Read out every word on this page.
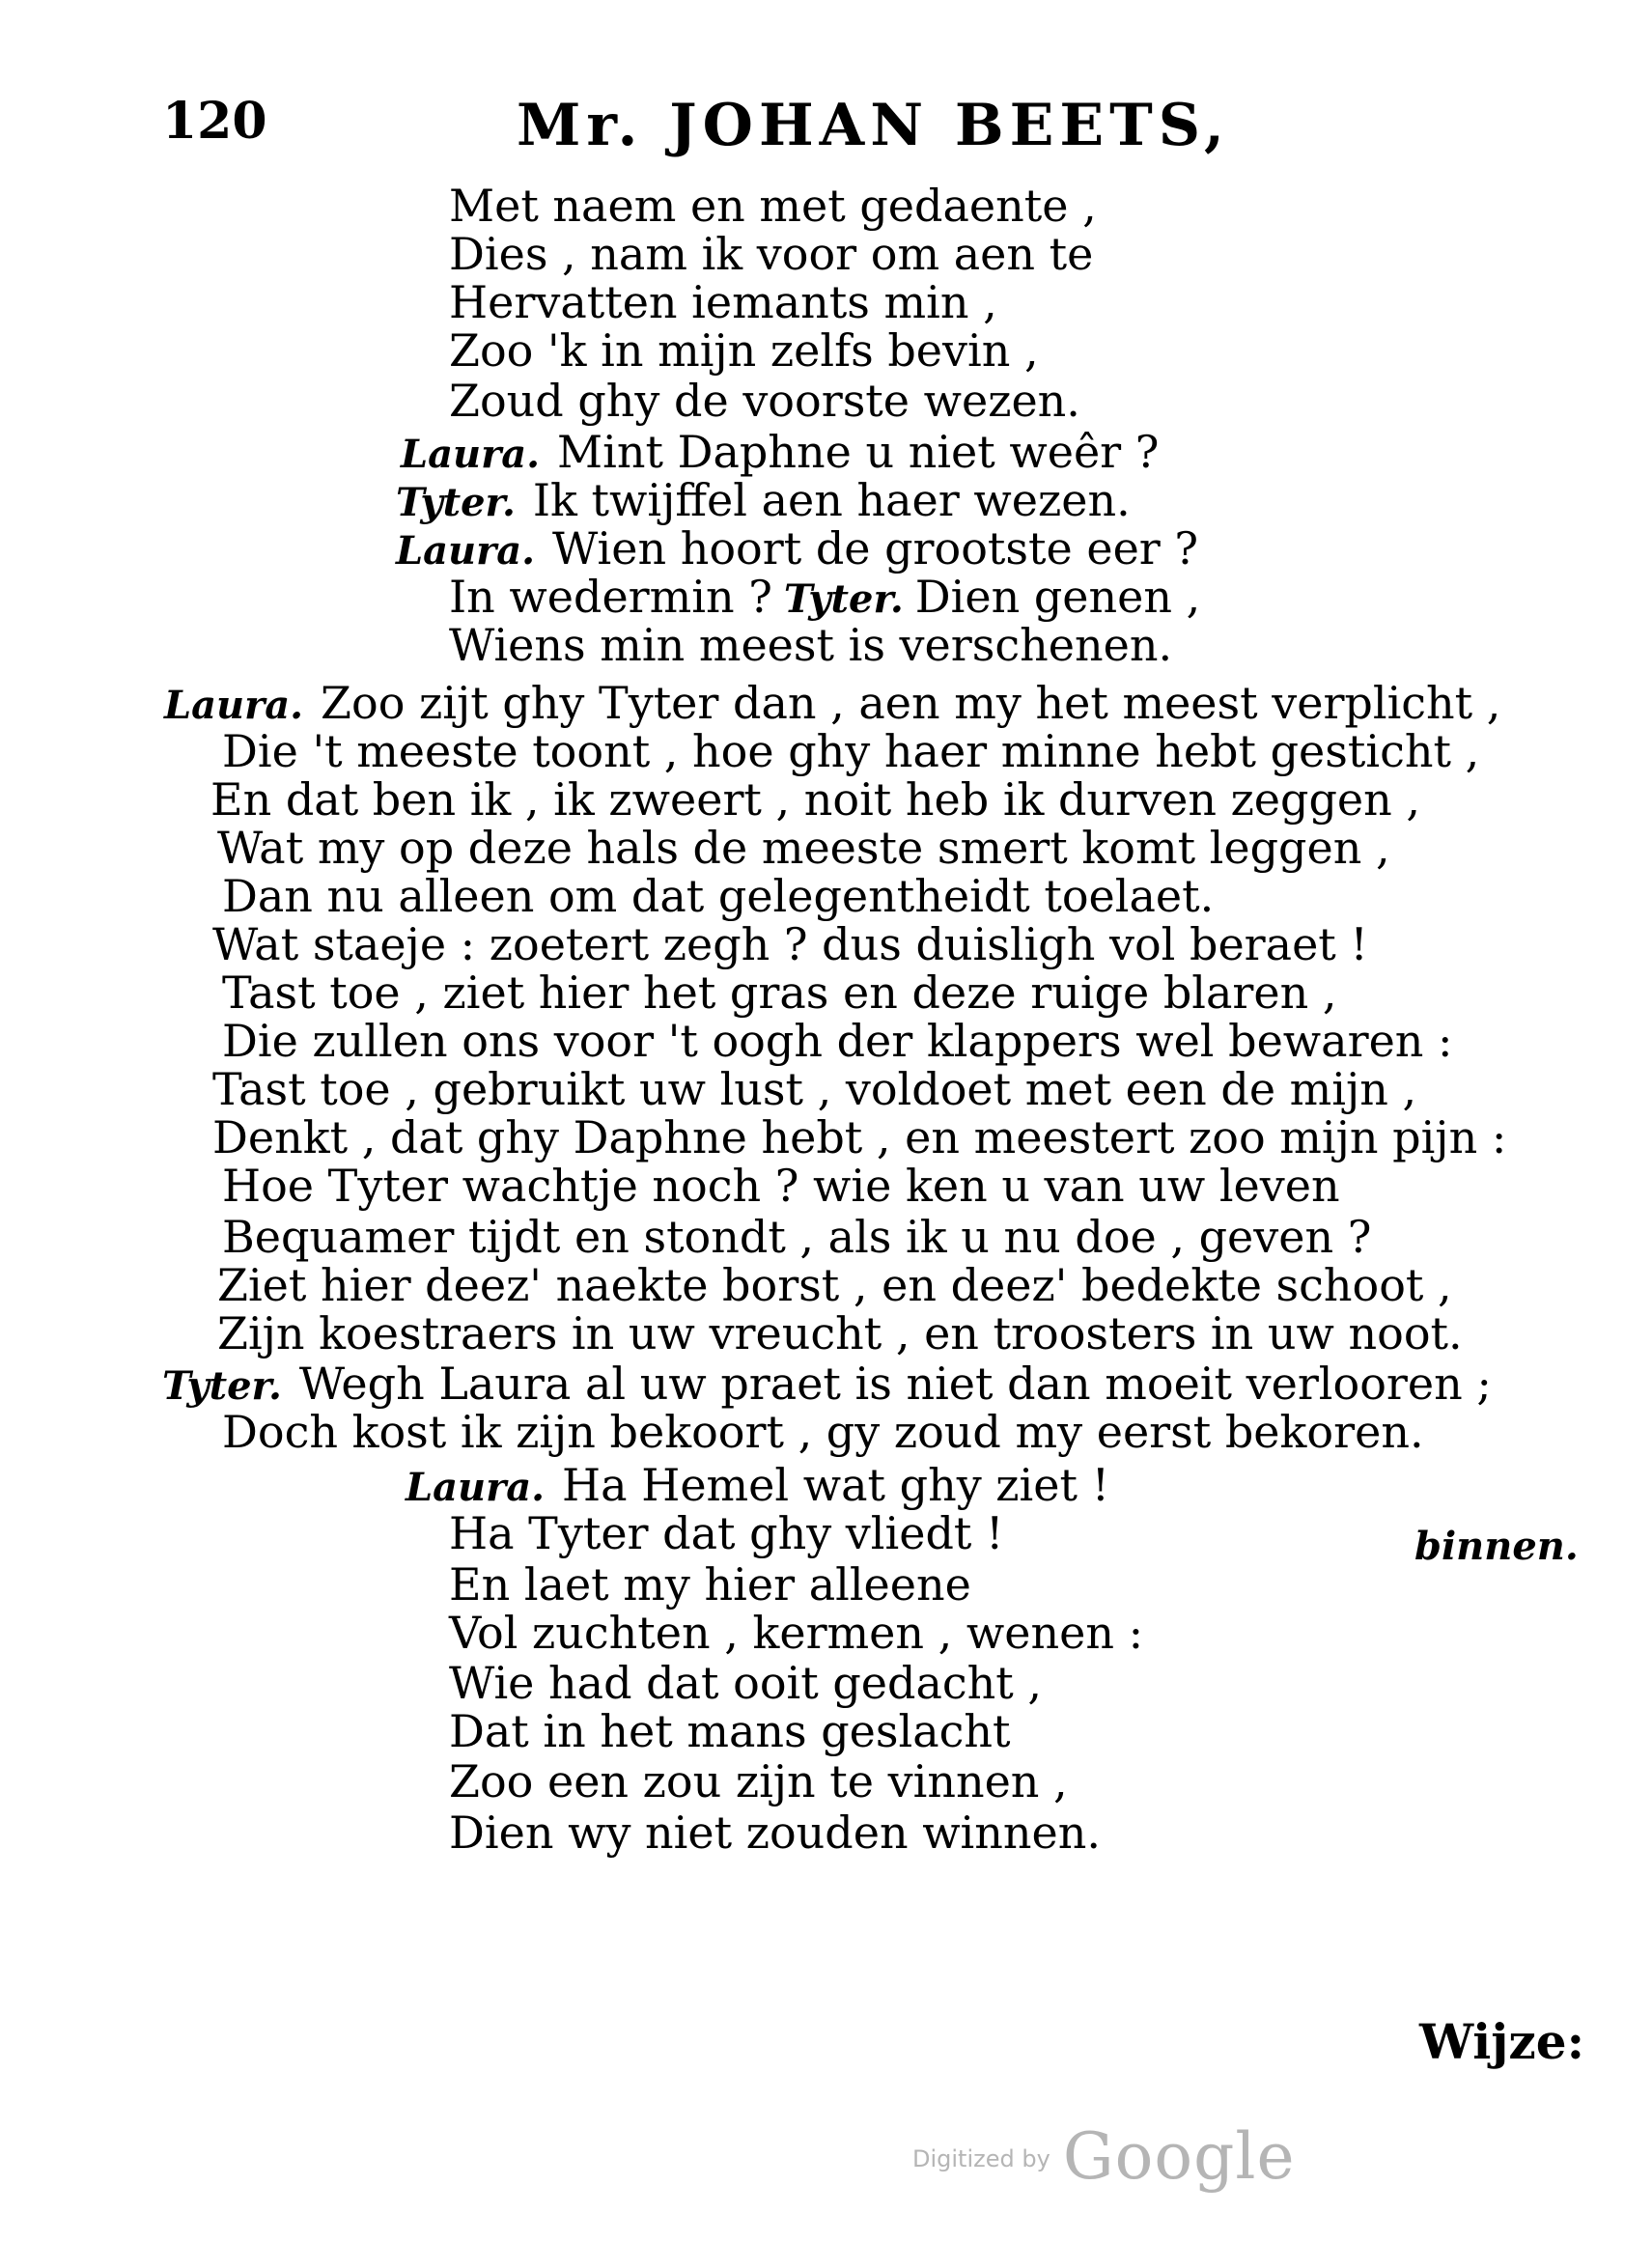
120	Mr. JOHAN BEETS,
Met naem en met gedaente ,
Dies , nam ik voor om aen te
Hervatten iemants min ,
Zoo 'k in mijn zelfs bevin ,
Zoud ghy de voorste wezen.
Laura. Mint Daphne u niet weêr ?
Tyter. Ik twijffel aen haer wezen.
Laura. Wien hoort de grootste eer ?
In wedermin ? Tyter. Dien genen ,
Wiens min meest is verschenen.
Laura. Zoo zijt ghy Tyter dan , aen my het meest verplicht ,
Die 't meeste toont , hoe ghy haer minne hebt gesticht ,
En dat ben ik , ik zweert , noit heb ik durven zeggen ,
Wat my op deze hals de meeste smert komt leggen ,
Dan nu alleen om dat gelegentheidt toelaet.
Wat staeje : zoetert zegh ? dus duisligh vol beraet !
Tast toe , ziet hier het gras en deze ruige blaren ,
Die zullen ons voor 't oogh der klappers wel bewaren :
Tast toe , gebruikt uw lust , voldoet met een de mijn ,
Denkt , dat ghy Daphne hebt , en meestert zoo mijn pijn :
Hoe Tyter wachtje noch ? wie ken u van uw leven
Bequamer tijdt en stondt , als ik u nu doe , geven ?
Ziet hier deez' naekte borst , en deez' bedekte schoot ,
Zijn koestraers in uw vreucht , en troosters in uw noot.
Tyter. Wegh Laura al uw praet is niet dan moeit verlooren ;
Doch kost ik zijn bekoort , gy zoud my eerst bekoren.
Laura. Ha Hemel wat ghy ziet !
Ha Tyter dat ghy vliedt !
En laet my hier alleene
Vol zuchten , kermen , wenen :
Wie had dat ooit gedacht ,
Dat in het mans geslacht
Zoo een zou zijn te vinnen ,
Dien wy niet zouden winnen.
binnen.
Wijze:
Digitized by Google
